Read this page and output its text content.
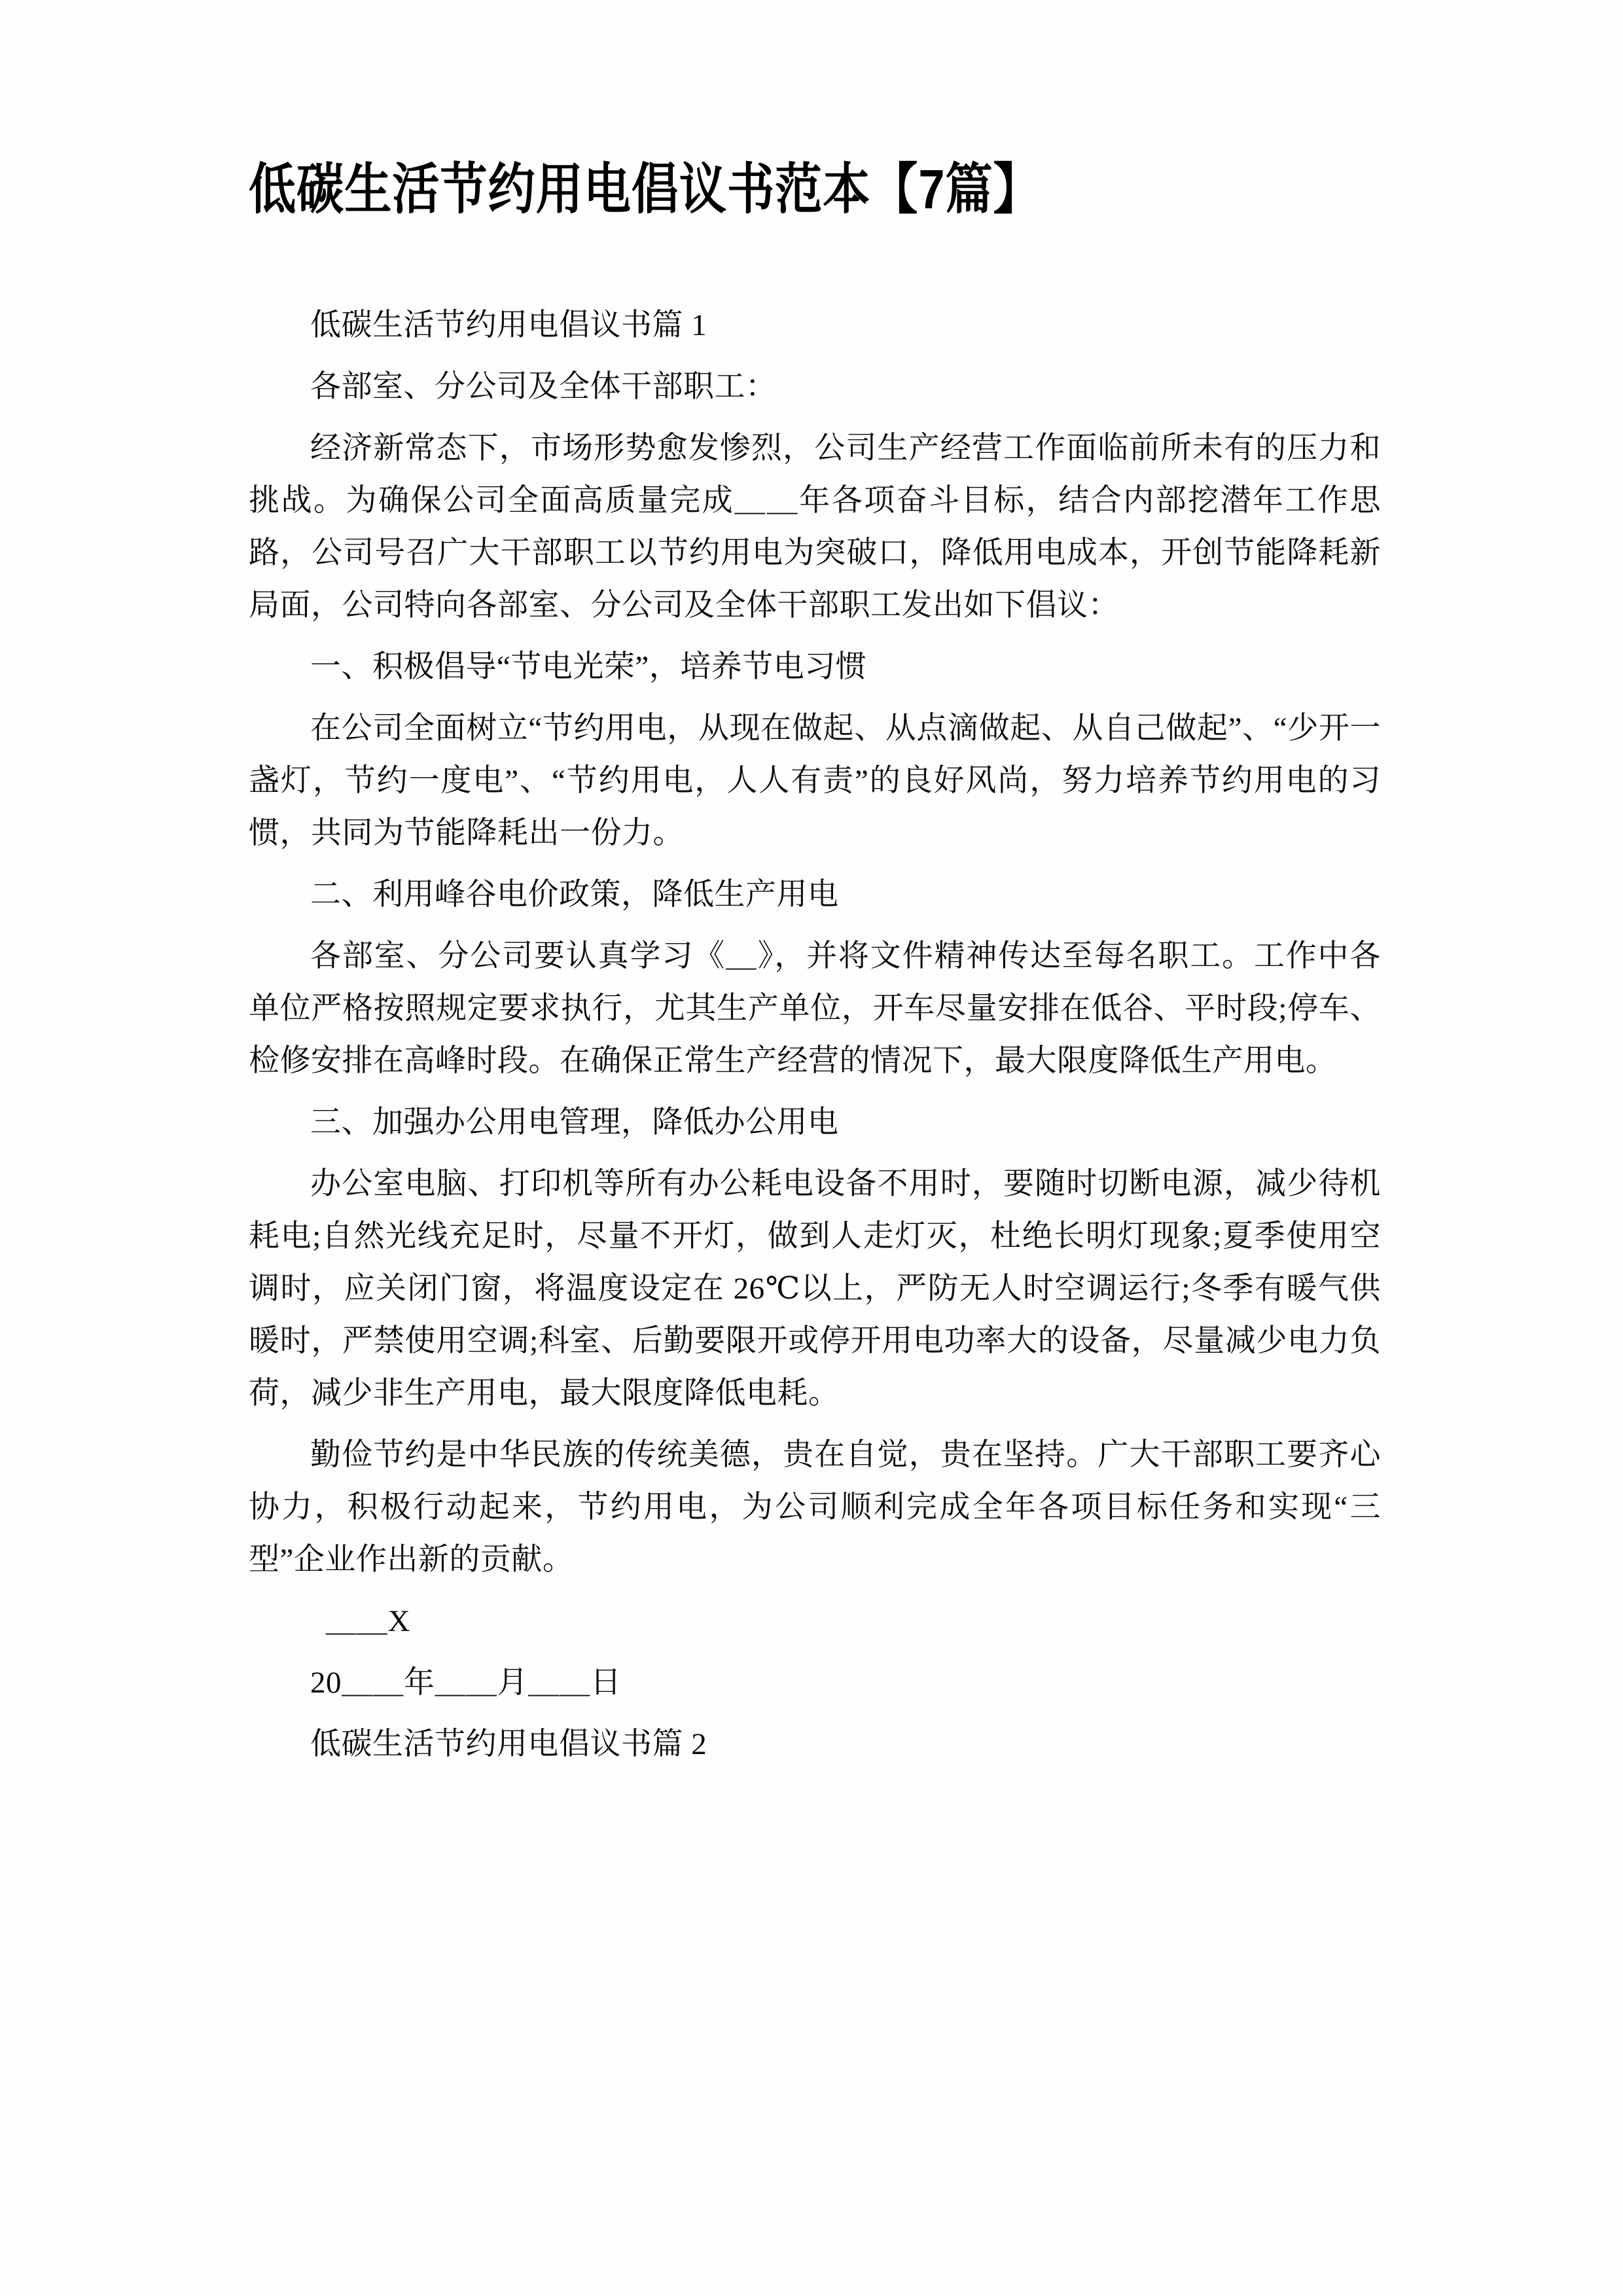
低碳生活节约用电倡议书范本【7篇】

低碳生活节约用电倡议书篇 1

各部室、分公司及全体干部职工：

经济新常态下，市场形势愈发惨烈，公司生产经营工作面临前所未有的压力和挑战。为确保公司全面高质量完成＿＿年各项奋斗目标，结合内部挖潜年工作思路，公司号召广大干部职工以节约用电为突破口，降低用电成本，开创节能降耗新局面，公司特向各部室、分公司及全体干部职工发出如下倡议：

一、积极倡导“节电光荣”，培养节电习惯

在公司全面树立“节约用电，从现在做起、从点滴做起、从自己做起”、“少开一盏灯，节约一度电”、“节约用电，人人有责”的良好风尚，努力培养节约用电的习惯，共同为节能降耗出一份力。

二、利用峰谷电价政策，降低生产用电

各部室、分公司要认真学习《＿》，并将文件精神传达至每名职工。工作中各单位严格按照规定要求执行，尤其生产单位，开车尽量安排在低谷、平时段;停车、检修安排在高峰时段。在确保正常生产经营的情况下，最大限度降低生产用电。

三、加强办公用电管理，降低办公用电

办公室电脑、打印机等所有办公耗电设备不用时，要随时切断电源，减少待机耗电;自然光线充足时，尽量不开灯，做到人走灯灭，杜绝长明灯现象;夏季使用空调时，应关闭门窗，将温度设定在 26℃以上，严防无人时空调运行;冬季有暖气供暖时，严禁使用空调;科室、后勤要限开或停开用电功率大的设备，尽量减少电力负荷，减少非生产用电，最大限度降低电耗。

勤俭节约是中华民族的传统美德，贵在自觉，贵在坚持。广大干部职工要齐心协力，积极行动起来，节约用电，为公司顺利完成全年各项目标任务和实现“三型”企业作出新的贡献。

＿＿X

20＿＿年＿＿月＿＿日

低碳生活节约用电倡议书篇 2
